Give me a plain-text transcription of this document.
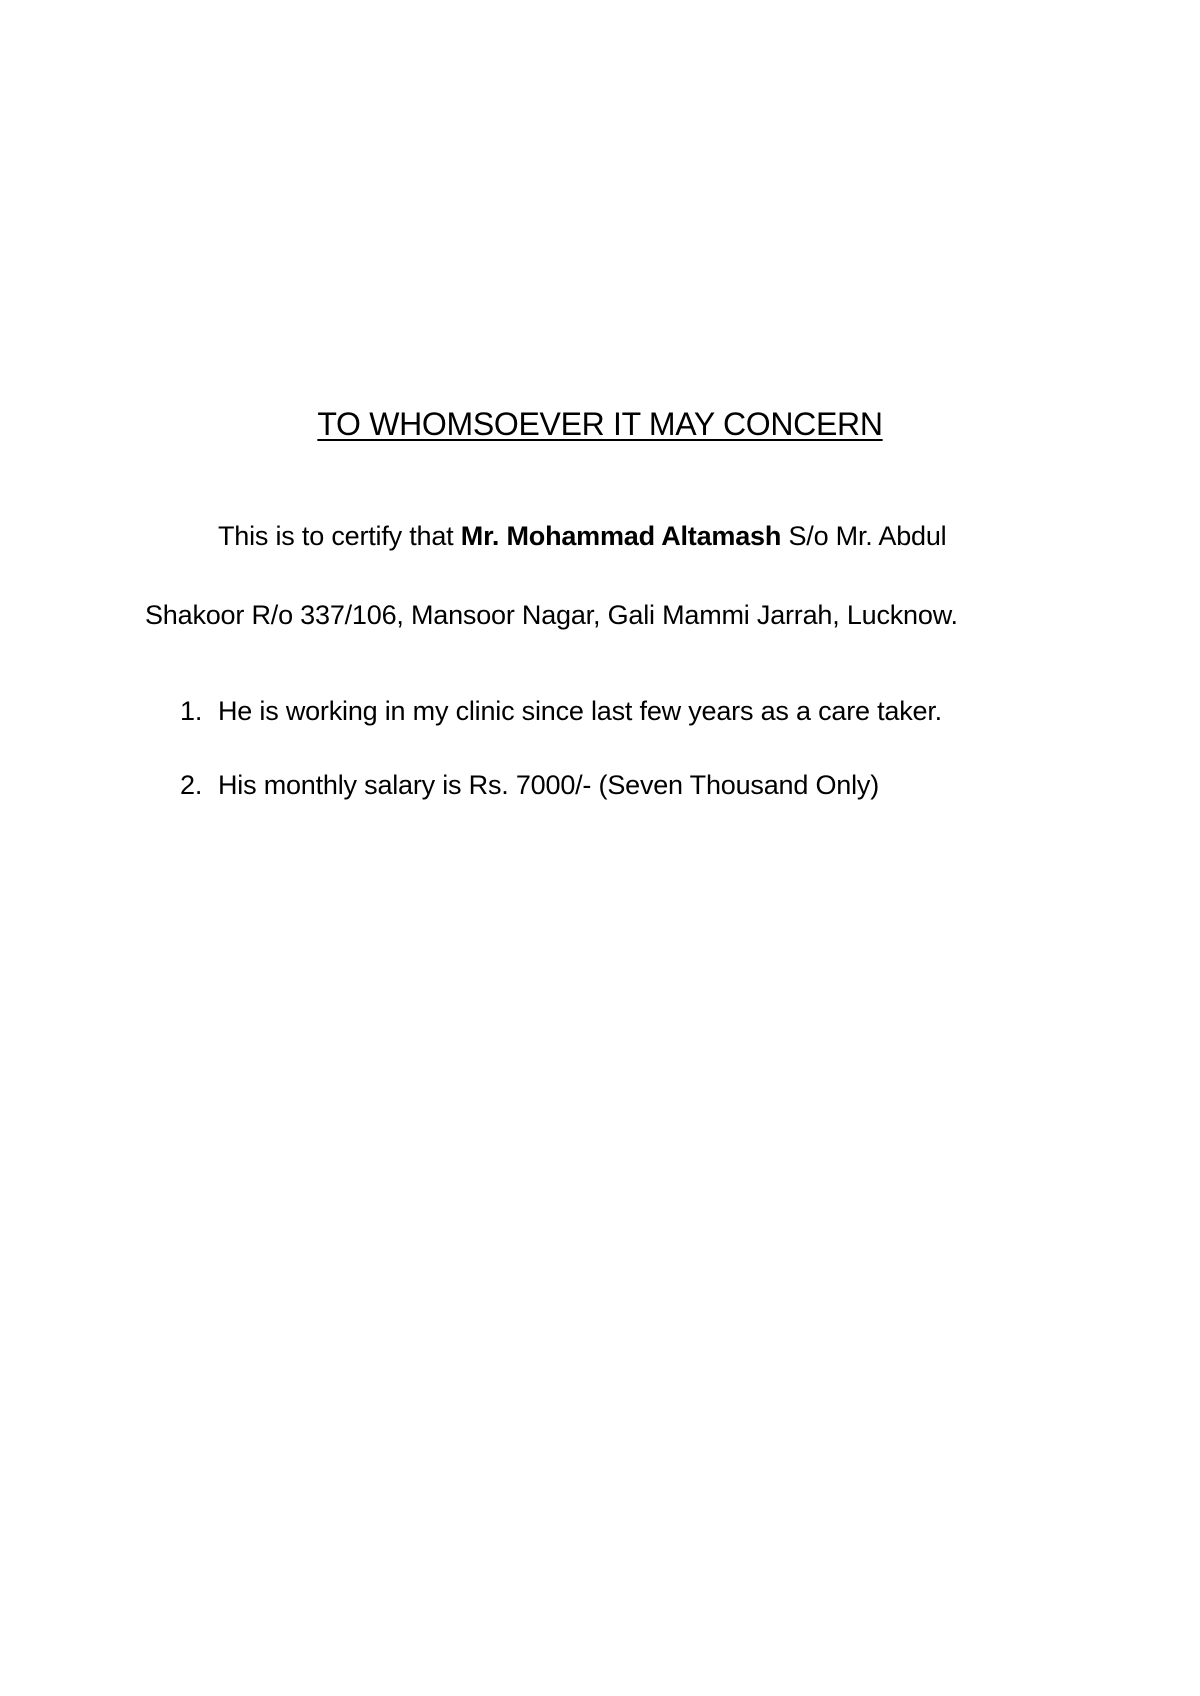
TO WHOMSOEVER IT MAY CONCERN

This is to certify that Mr. Mohammad Altamash S/o Mr. Abdul

Shakoor R/o 337/106, Mansoor Nagar, Gali Mammi Jarrah, Lucknow.

1. He is working in my clinic since last few years as a care taker.
2. His monthly salary is Rs. 7000/- (Seven Thousand Only)
